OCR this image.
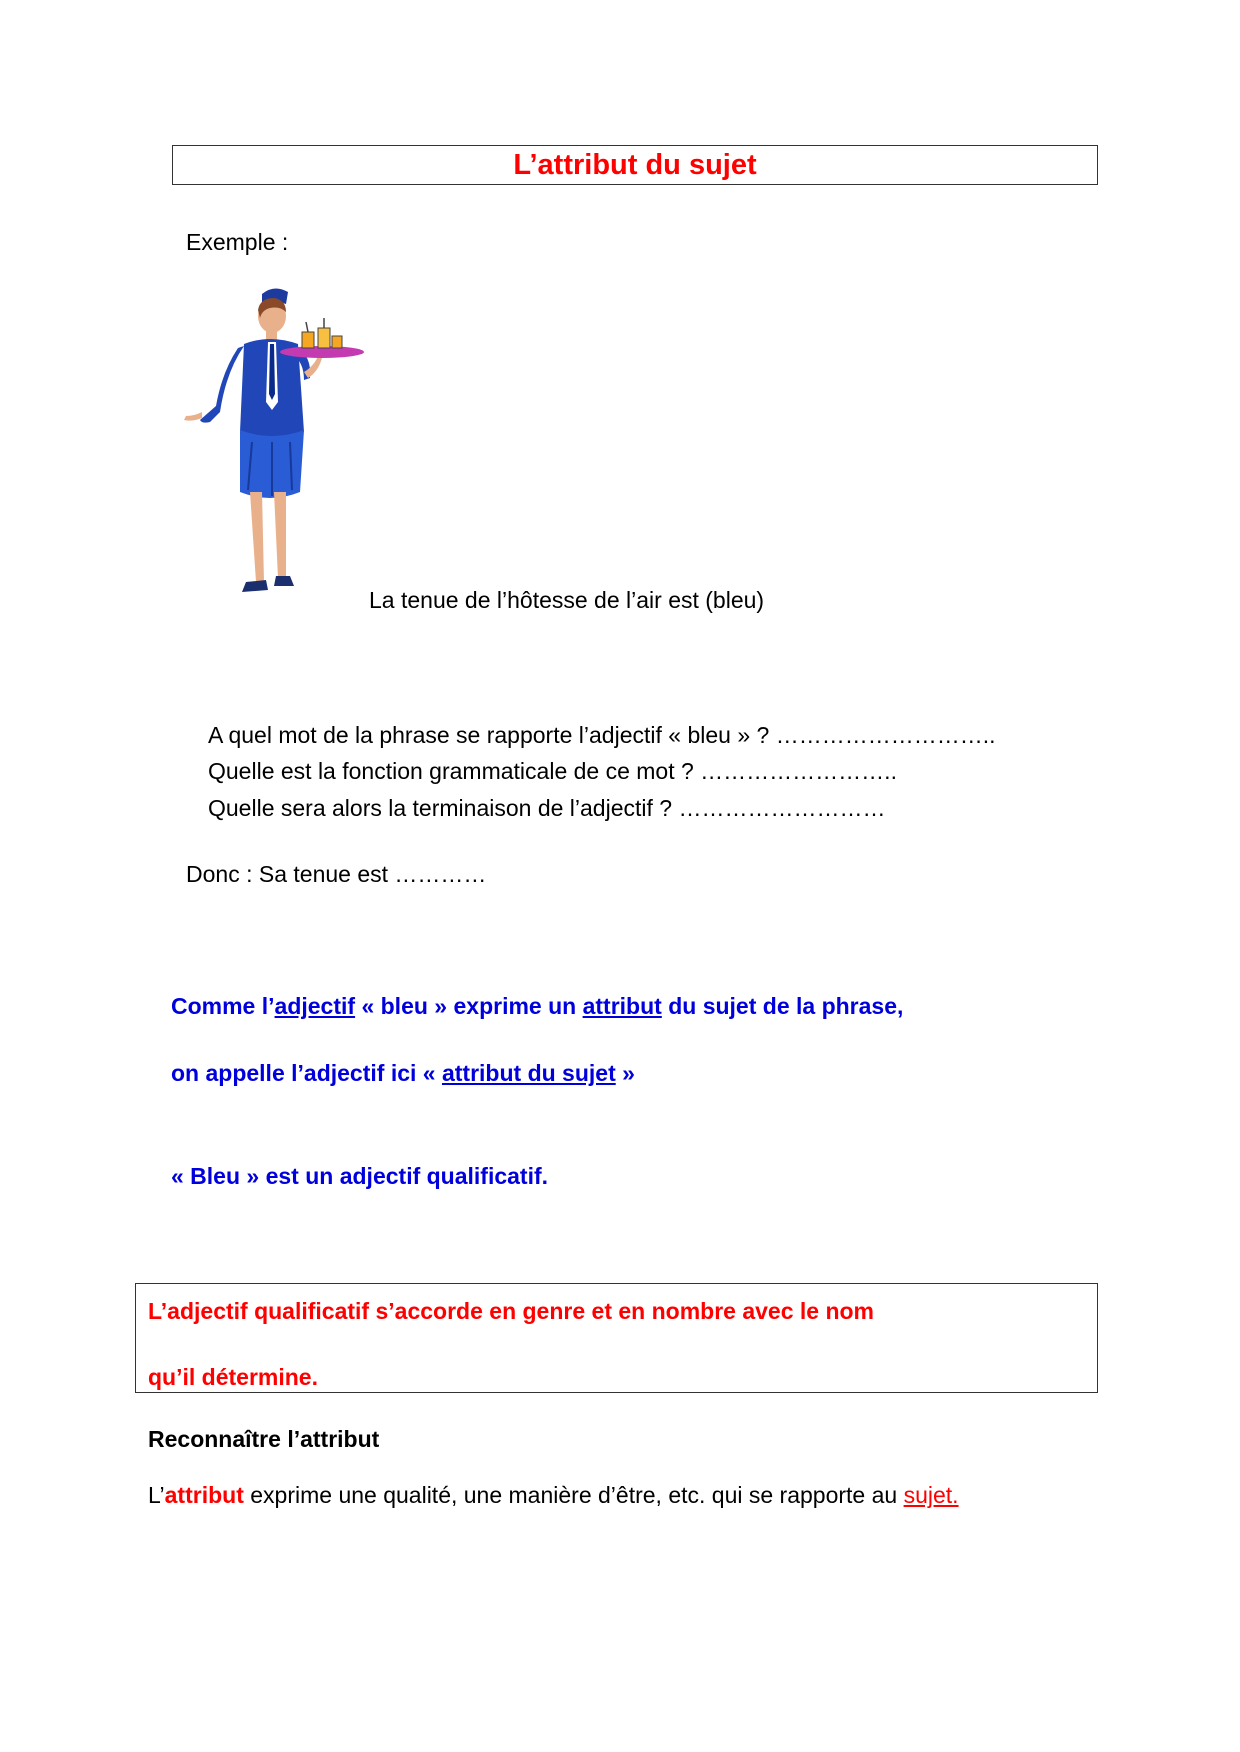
L’attribut du sujet
Exemple :
La tenue de l’hôtesse de l’air est (bleu)
A quel mot de la phrase se rapporte l’adjectif « bleu » ? ………………………..
Quelle est la fonction grammaticale de ce mot ? ……………………..
Quelle sera alors la terminaison de l’adjectif ? ………………………
Donc : Sa tenue est …………
Comme l’adjectif « bleu » exprime un attribut du sujet de la phrase,
on appelle l’adjectif ici « attribut du sujet »
« Bleu » est un adjectif qualificatif.
L’adjectif qualificatif s’accorde en genre et en nombre avec le nom
qu’il détermine.
Reconnaître l’attribut
L’attribut exprime une qualité, une manière d’être, etc. qui se rapporte au sujet.
